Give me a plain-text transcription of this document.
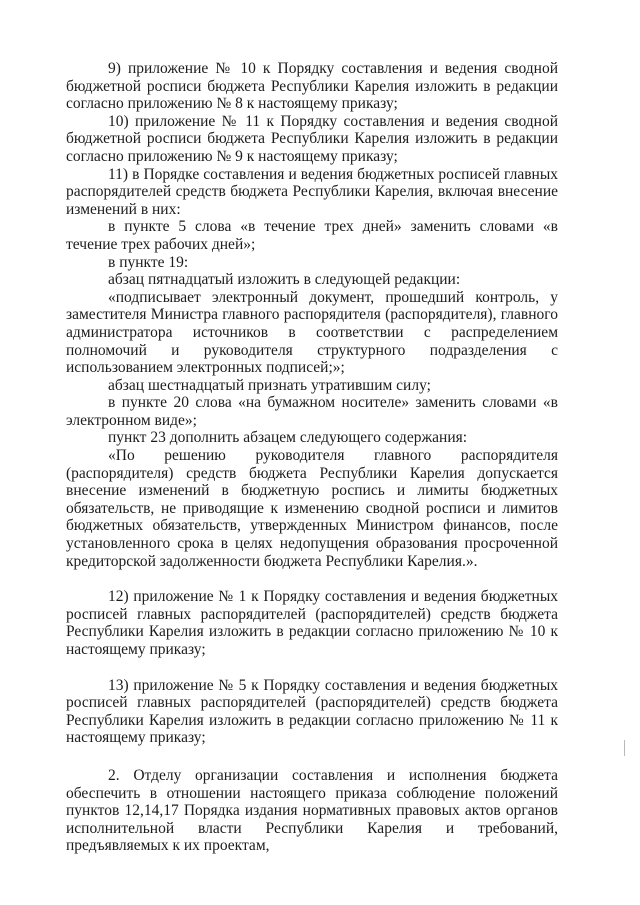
9) приложение № 10 к Порядку составления и ведения сводной бюджетной росписи бюджета Республики Карелия изложить в редакции согласно приложению № 8 к настоящему приказу;

10) приложение № 11 к Порядку составления и ведения сводной бюджетной росписи бюджета Республики Карелия изложить в редакции согласно приложению № 9 к настоящему приказу;

11) в Порядке составления и ведения бюджетных росписей главных распорядителей средств бюджета Республики Карелия, включая внесение изменений в них:

в пункте 5 слова «в течение трех дней» заменить словами «в течение трех рабочих дней»;

в пункте 19:

абзац пятнадцатый изложить в следующей редакции:

«подписывает электронный документ, прошедший контроль, у заместителя Министра главного распорядителя (распорядителя), главного администратора источников в соответствии с распределением полномочий и руководителя структурного подразделения с использованием электронных подписей;»;

абзац шестнадцатый признать утратившим силу;

в пункте 20 слова «на бумажном носителе» заменить словами «в электронном виде»;

пункт 23 дополнить абзацем следующего содержания:

«По решению руководителя главного распорядителя (распорядителя) средств бюджета Республики Карелия допускается внесение изменений в бюджетную роспись и лимиты бюджетных обязательств, не приводящие к изменению сводной росписи и лимитов бюджетных обязательств, утвержденных Министром финансов, после установленного срока в целях недопущения образования просроченной кредиторской задолженности бюджета Республики Карелия.».

12) приложение № 1 к Порядку составления и ведения бюджетных росписей главных распорядителей (распорядителей) средств бюджета Республики Карелия изложить в редакции согласно приложению № 10 к настоящему приказу;

13) приложение № 5 к Порядку составления и ведения бюджетных росписей главных распорядителей (распорядителей) средств бюджета Республики Карелия изложить в редакции согласно приложению № 11 к настоящему приказу;

2. Отделу организации составления и исполнения бюджета обеспечить в отношении настоящего приказа соблюдение положений пунктов 12,14,17 Порядка издания нормативных правовых актов органов исполнительной власти Республики Карелия и требований, предъявляемых к их проектам,
